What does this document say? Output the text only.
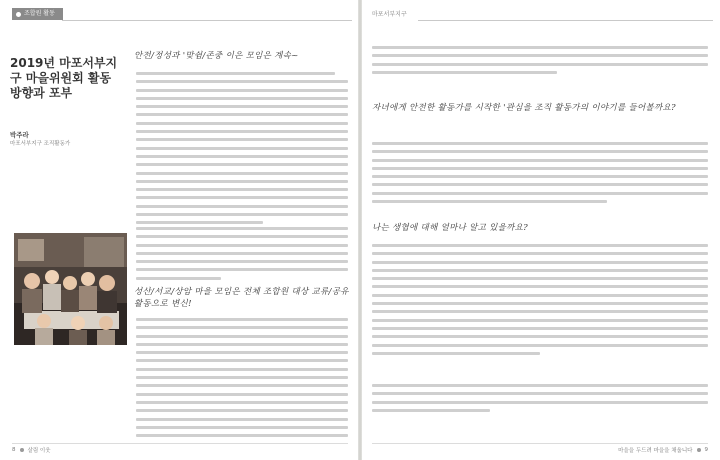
조합원 활동
2019년 마포서부지구 마을위원회 활동방향과 포부
박주라
마포서부지구 조직활동가
안전/정성과 '맞쉼/존중 이은 모임은 계속~
성산/서교/상암 마을 모임은 전체 조합원 대상 교류/공유 활동으로 변신!
8 살림 이웃
마포서부지구
자녀에게 안전한 활동가를 시작한 '관심을 조직 활동가의 이야기를 들어볼까요?
나는 생협에 대해 얼마나 알고 있을까요?
마을을 두드려 마을을 채웁니다 9
